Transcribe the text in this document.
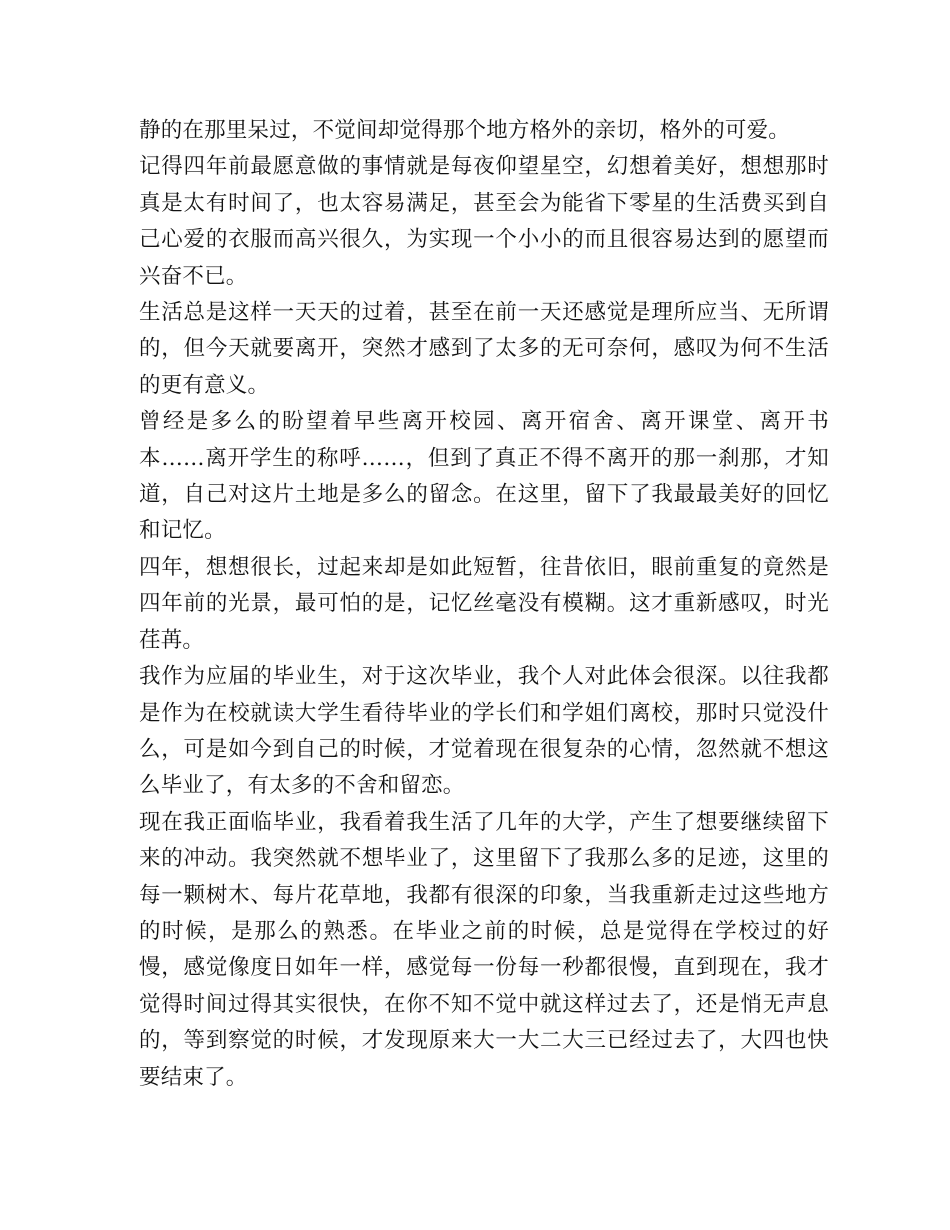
静的在那里呆过，不觉间却觉得那个地方格外的亲切，格外的可爱。

记得四年前最愿意做的事情就是每夜仰望星空，幻想着美好，想想那时真是太有时间了，也太容易满足，甚至会为能省下零星的生活费买到自己心爱的衣服而高兴很久，为实现一个小小的而且很容易达到的愿望而兴奋不已。

生活总是这样一天天的过着，甚至在前一天还感觉是理所应当、无所谓的，但今天就要离开，突然才感到了太多的无可奈何，感叹为何不生活的更有意义。

曾经是多么的盼望着早些离开校园、离开宿舍、离开课堂、离开书本……离开学生的称呼……，但到了真正不得不离开的那一刹那，才知道，自己对这片土地是多么的留念。在这里，留下了我最最美好的回忆和记忆。

四年，想想很长，过起来却是如此短暂，往昔依旧，眼前重复的竟然是四年前的光景，最可怕的是，记忆丝毫没有模糊。这才重新感叹，时光荏苒。

我作为应届的毕业生，对于这次毕业，我个人对此体会很深。以往我都是作为在校就读大学生看待毕业的学长们和学姐们离校，那时只觉没什么，可是如今到自己的时候，才觉着现在很复杂的心情，忽然就不想这么毕业了，有太多的不舍和留恋。

现在我正面临毕业，我看着我生活了几年的大学，产生了想要继续留下来的冲动。我突然就不想毕业了，这里留下了我那么多的足迹，这里的每一颗树木、每片花草地，我都有很深的印象，当我重新走过这些地方的时候，是那么的熟悉。在毕业之前的时候，总是觉得在学校过的好慢，感觉像度日如年一样，感觉每一份每一秒都很慢，直到现在，我才觉得时间过得其实很快，在你不知不觉中就这样过去了，还是悄无声息的，等到察觉的时候，才发现原来大一大二大三已经过去了，大四也快要结束了。
